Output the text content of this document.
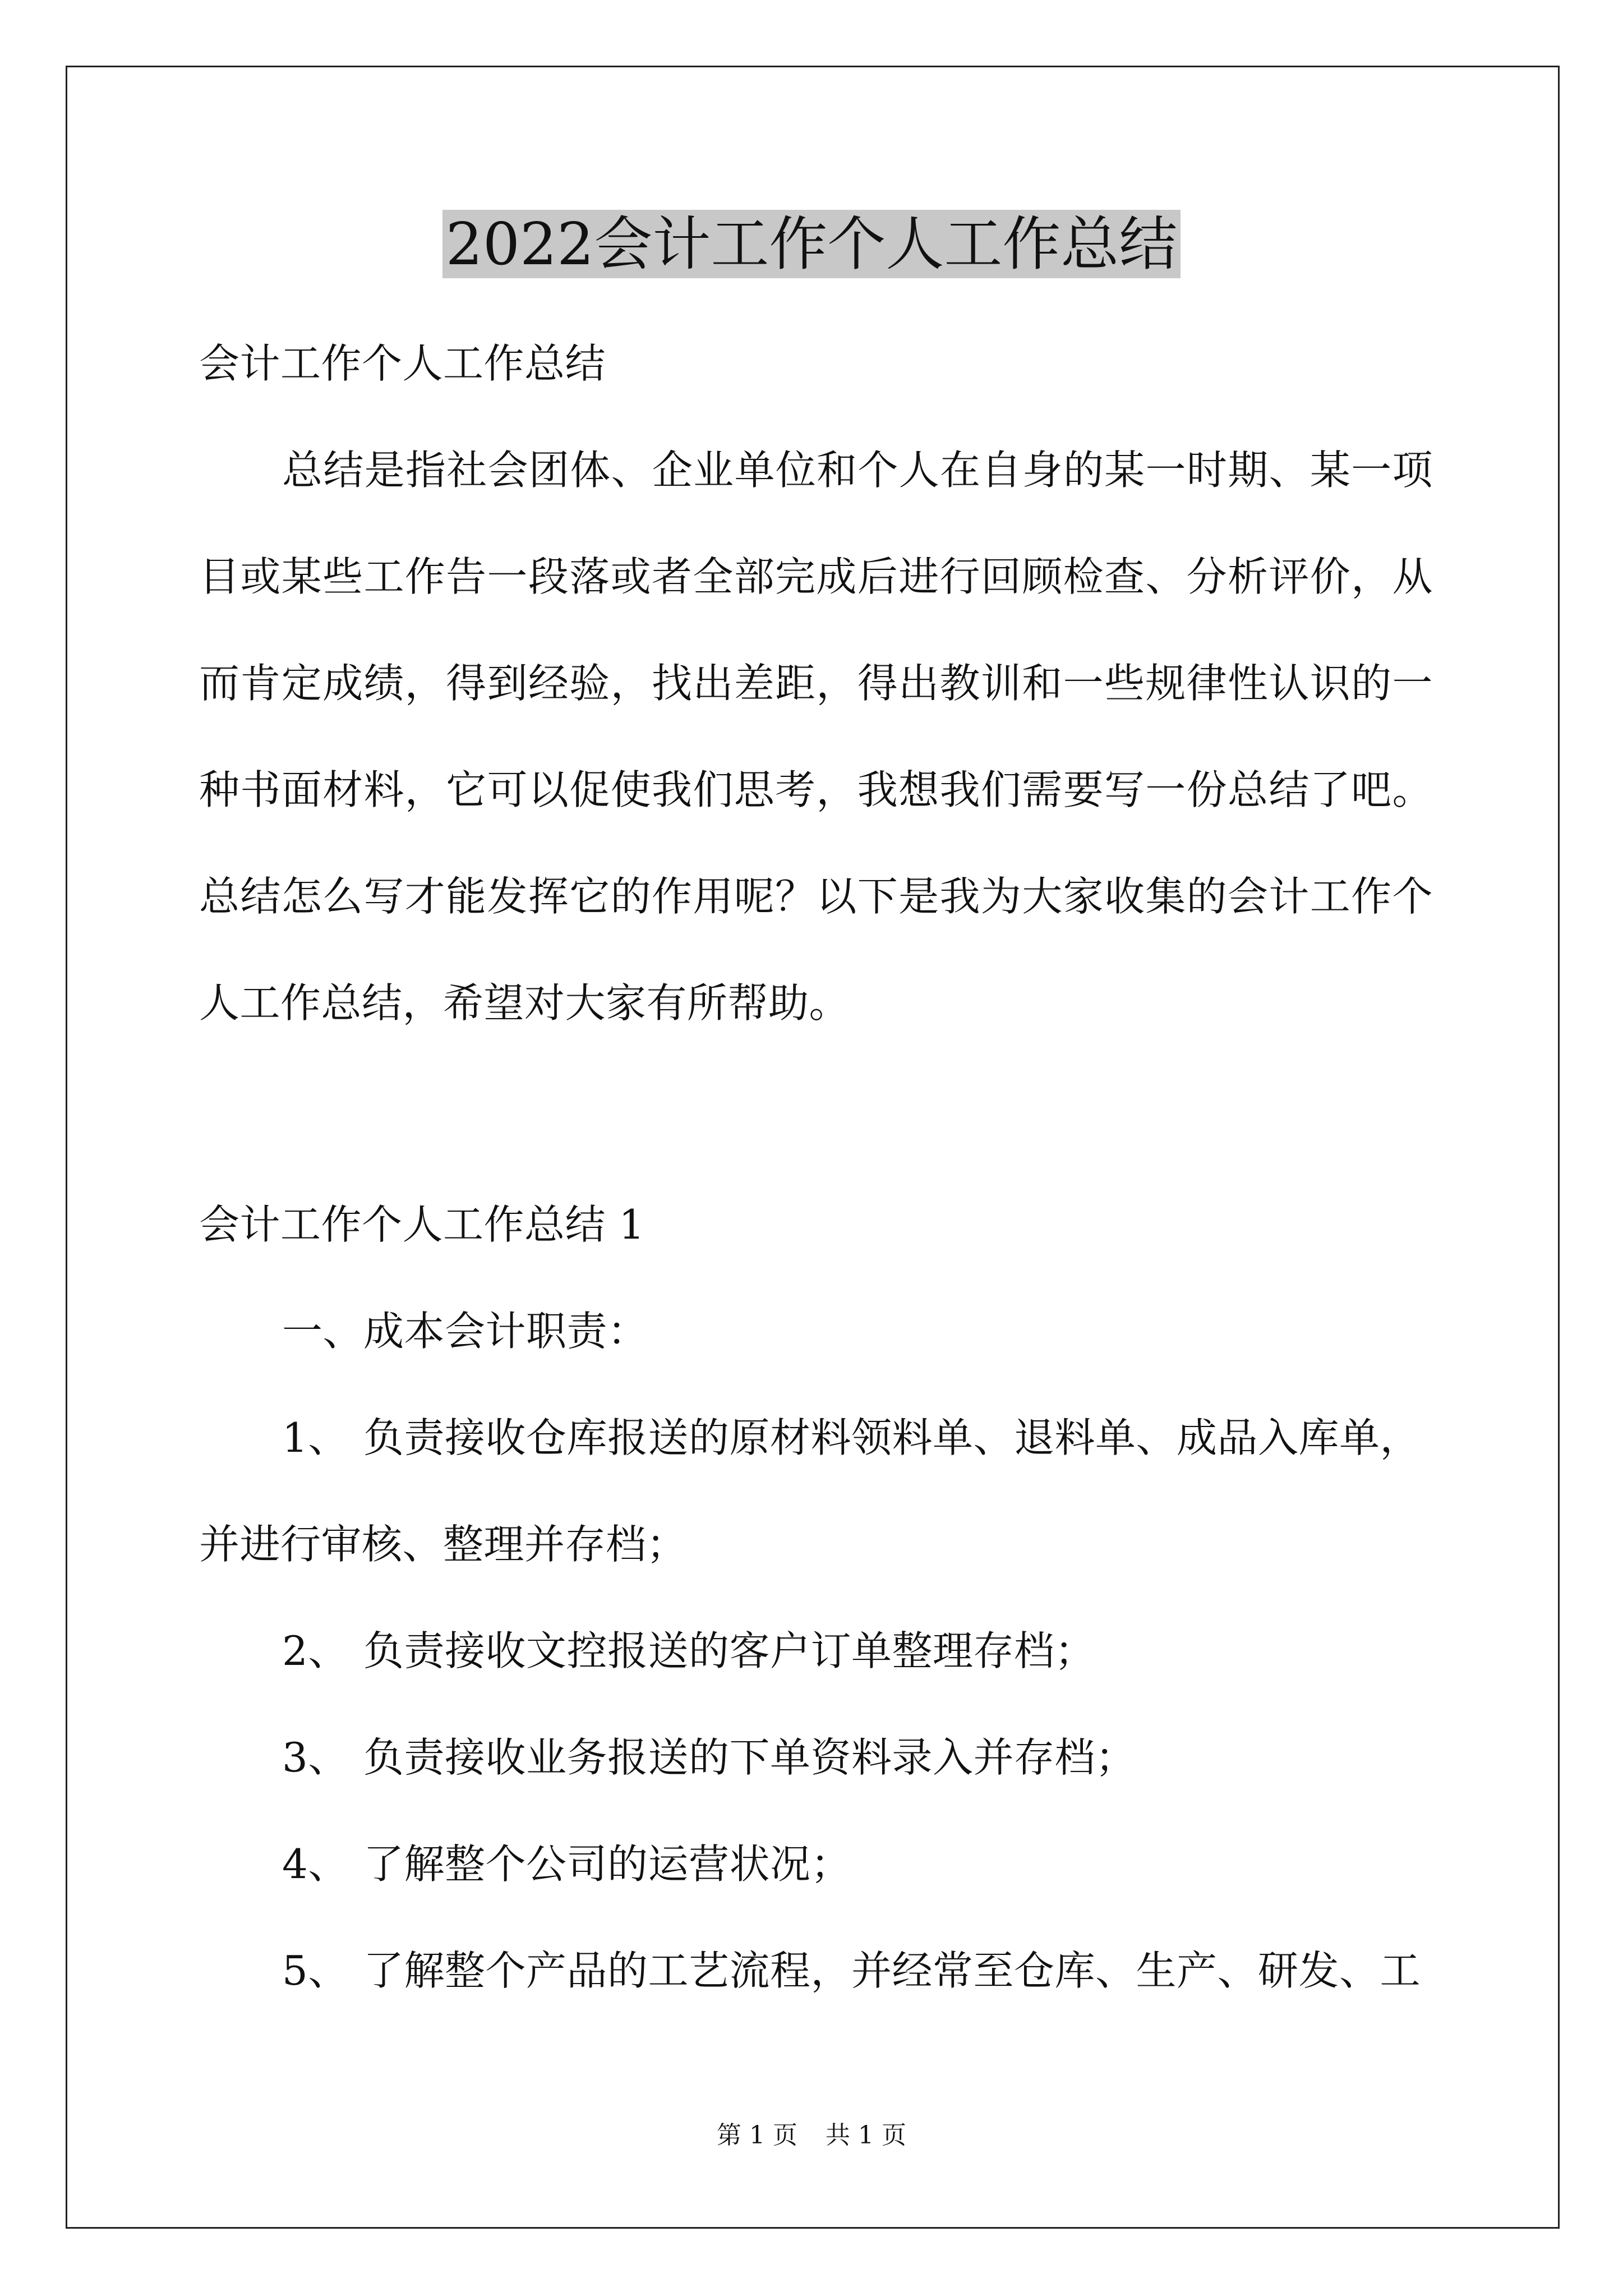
2022会计工作个人工作总结
会计工作个人工作总结
总结是指社会团体、企业单位和个人在自身的某一时期、某一项
目或某些工作告一段落或者全部完成后进行回顾检查、分析评价，从
而肯定成绩，得到经验，找出差距，得出教训和一些规律性认识的一
种书面材料，它可以促使我们思考，我想我们需要写一份总结了吧。
总结怎么写才能发挥它的作用呢？以下是我为大家收集的会计工作个
人工作总结，希望对大家有所帮助。
会计工作个人工作总结 1
一、成本会计职责：
1、 负责接收仓库报送的原材料领料单、退料单、成品入库单，
并进行审核、整理并存档；
2、 负责接收文控报送的客户订单整理存档；
3、 负责接收业务报送的下单资料录入并存档；
4、 了解整个公司的运营状况；
5、 了解整个产品的工艺流程，并经常至仓库、生产、研发、工
第 1 页 共 1 页
